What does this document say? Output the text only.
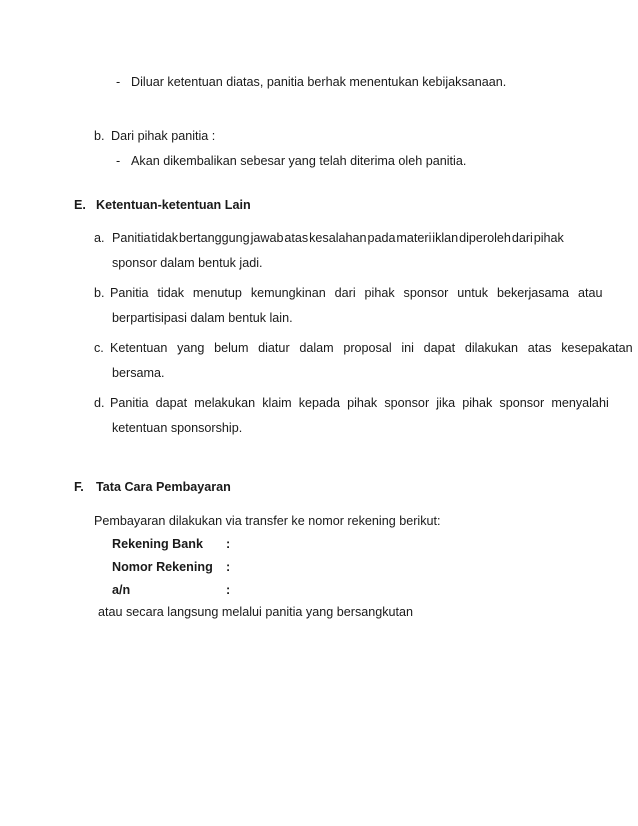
- Diluar ketentuan diatas, panitia berhak menentukan kebijaksanaan.
b. Dari pihak panitia :
- Akan dikembalikan sebesar yang telah diterima oleh panitia.
E. Ketentuan-ketentuan Lain
a. Panitia tidak bertanggung jawab atas kesalahan pada materi iklan diperoleh dari pihak
sponsor dalam bentuk jadi.
b. Panitia tidak menutup kemungkinan dari pihak sponsor untuk bekerjasama atau
berpartisipasi dalam bentuk lain.
c. Ketentuan yang belum diatur dalam proposal ini dapat dilakukan atas kesepakatan
bersama.
d. Panitia dapat melakukan klaim kepada pihak sponsor jika pihak sponsor menyalahi
ketentuan sponsorship.
F. Tata Cara Pembayaran
Pembayaran dilakukan via transfer ke nomor rekening berikut:
Rekening Bank :
Nomor Rekening :
a/n	:
atau secara langsung melalui panitia yang bersangkutan
